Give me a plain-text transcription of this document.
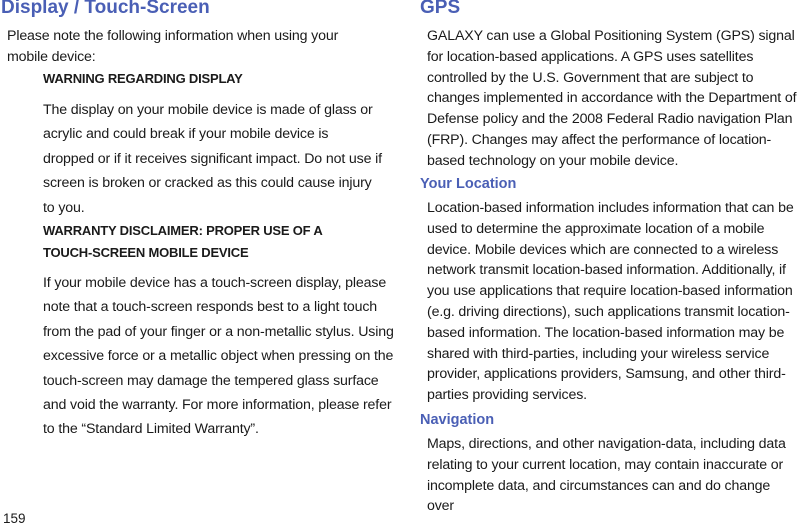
Display / Touch-Screen

Please note the following information when using your mobile device:

WARNING REGARDING DISPLAY

The display on your mobile device is made of glass or acrylic and could break if your mobile device is dropped or if it receives significant impact. Do not use if screen is broken or cracked as this could cause injury to you.

WARRANTY DISCLAIMER: PROPER USE OF A TOUCH-SCREEN MOBILE DEVICE

If your mobile device has a touch-screen display, please note that a touch-screen responds best to a light touch from the pad of your finger or a non-metallic stylus. Using excessive force or a metallic object when pressing on the touch-screen may damage the tempered glass surface and void the warranty. For more information, please refer to the “Standard Limited Warranty”.

GPS

GALAXY can use a Global Positioning System (GPS) signal for location-based applications. A GPS uses satellites controlled by the U.S. Government that are subject to changes implemented in accordance with the Department of Defense policy and the 2008 Federal Radio navigation Plan (FRP). Changes may affect the performance of location-based technology on your mobile device.

Your Location

Location-based information includes information that can be used to determine the approximate location of a mobile device. Mobile devices which are connected to a wireless network transmit location-based information. Additionally, if you use applications that require location-based information (e.g. driving directions), such applications transmit location-based information. The location-based information may be shared with third-parties, including your wireless service provider, applications providers, Samsung, and other third-parties providing services.

Navigation

Maps, directions, and other navigation-data, including data relating to your current location, may contain inaccurate or incomplete data, and circumstances can and do change over

159
